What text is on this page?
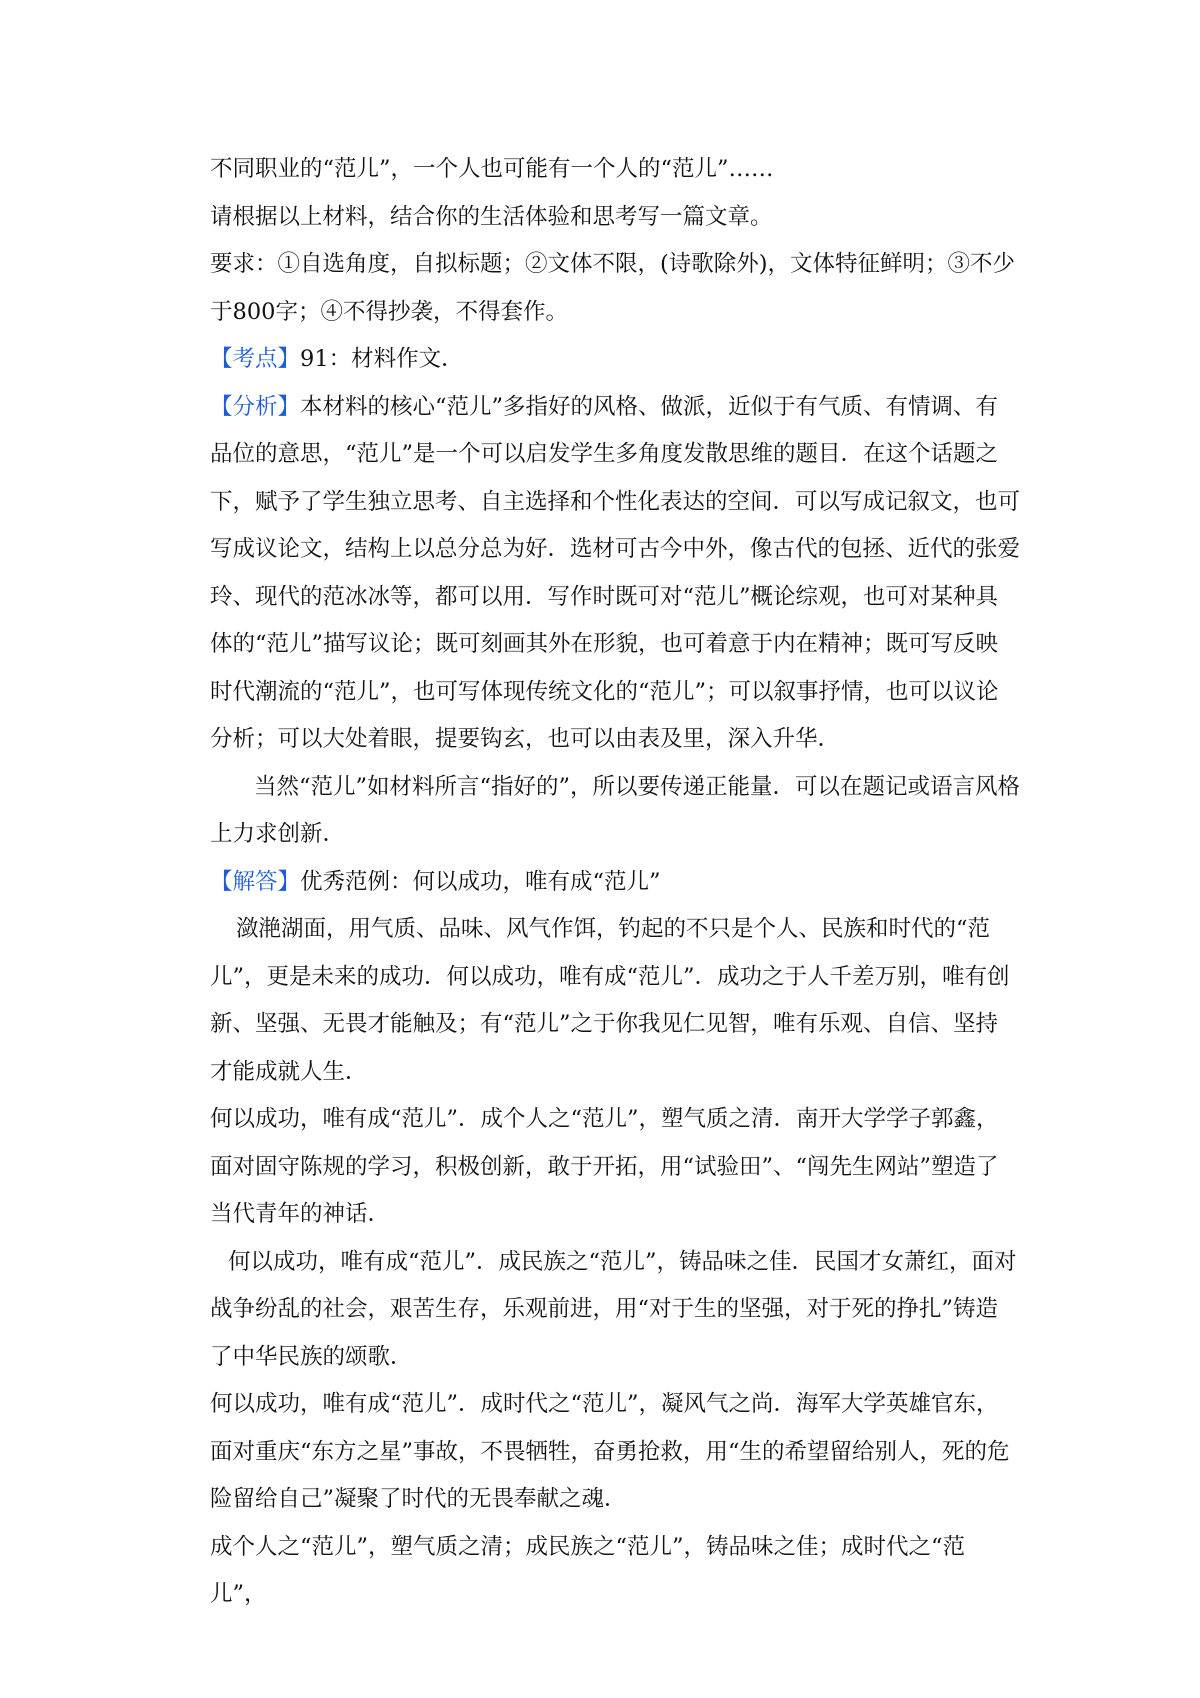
不同职业的“范儿”，一个人也可能有一个人的“范儿”……

请根据以上材料，结合你的生活体验和思考写一篇文章。

要求：①自选角度，自拟标题；②文体不限，(诗歌除外)，文体特征鲜明；③不少于800字；④不得抄袭，不得套作。

【考点】91：材料作文．

【分析】本材料的核心“范儿”多指好的风格、做派，近似于有气质、有情调、有品位的意思，“范儿”是一个可以启发学生多角度发散思维的题目．在这个话题之下，赋予了学生独立思考、自主选择和个性化表达的空间．可以写成记叙文，也可写成议论文，结构上以总分总为好．选材可古今中外，像古代的包拯、近代的张爱玲、现代的范冰冰等，都可以用．写作时既可对“范儿”概论综观，也可对某种具体的“范儿”描写议论；既可刻画其外在形貌，也可着意于内在精神；既可写反映时代潮流的“范儿”，也可写体现传统文化的“范儿”；可以叙事抒情，也可以议论分析；可以大处着眼，提要钩玄，也可以由表及里，深入升华．

当然“范儿”如材料所言“指好的”，所以要传递正能量．可以在题记或语言风格上力求创新．

【解答】优秀范例：何以成功，唯有成“范儿”

潋滟湖面，用气质、品味、风气作饵，钓起的不只是个人、民族和时代的“范儿”，更是未来的成功．何以成功，唯有成“范儿”．成功之于人千差万别，唯有创新、坚强、无畏才能触及；有“范儿”之于你我见仁见智，唯有乐观、自信、坚持才能成就人生．

何以成功，唯有成“范儿”．成个人之“范儿”，塑气质之清．南开大学学子郭鑫，面对固守陈规的学习，积极创新，敢于开拓，用“试验田”、“闯先生网站”塑造了当代青年的神话．

何以成功，唯有成“范儿”．成民族之“范儿”，铸品味之佳．民国才女萧红，面对战争纷乱的社会，艰苦生存，乐观前进，用“对于生的坚强，对于死的挣扎”铸造了中华民族的颂歌．

何以成功，唯有成“范儿”．成时代之“范儿”，凝风气之尚．海军大学英雄官东，面对重庆“东方之星”事故，不畏牺牲，奋勇抢救，用“生的希望留给别人，死的危险留给自己”凝聚了时代的无畏奉献之魂．

成个人之“范儿”，塑气质之清；成民族之“范儿”，铸品味之佳；成时代之“范儿”，
